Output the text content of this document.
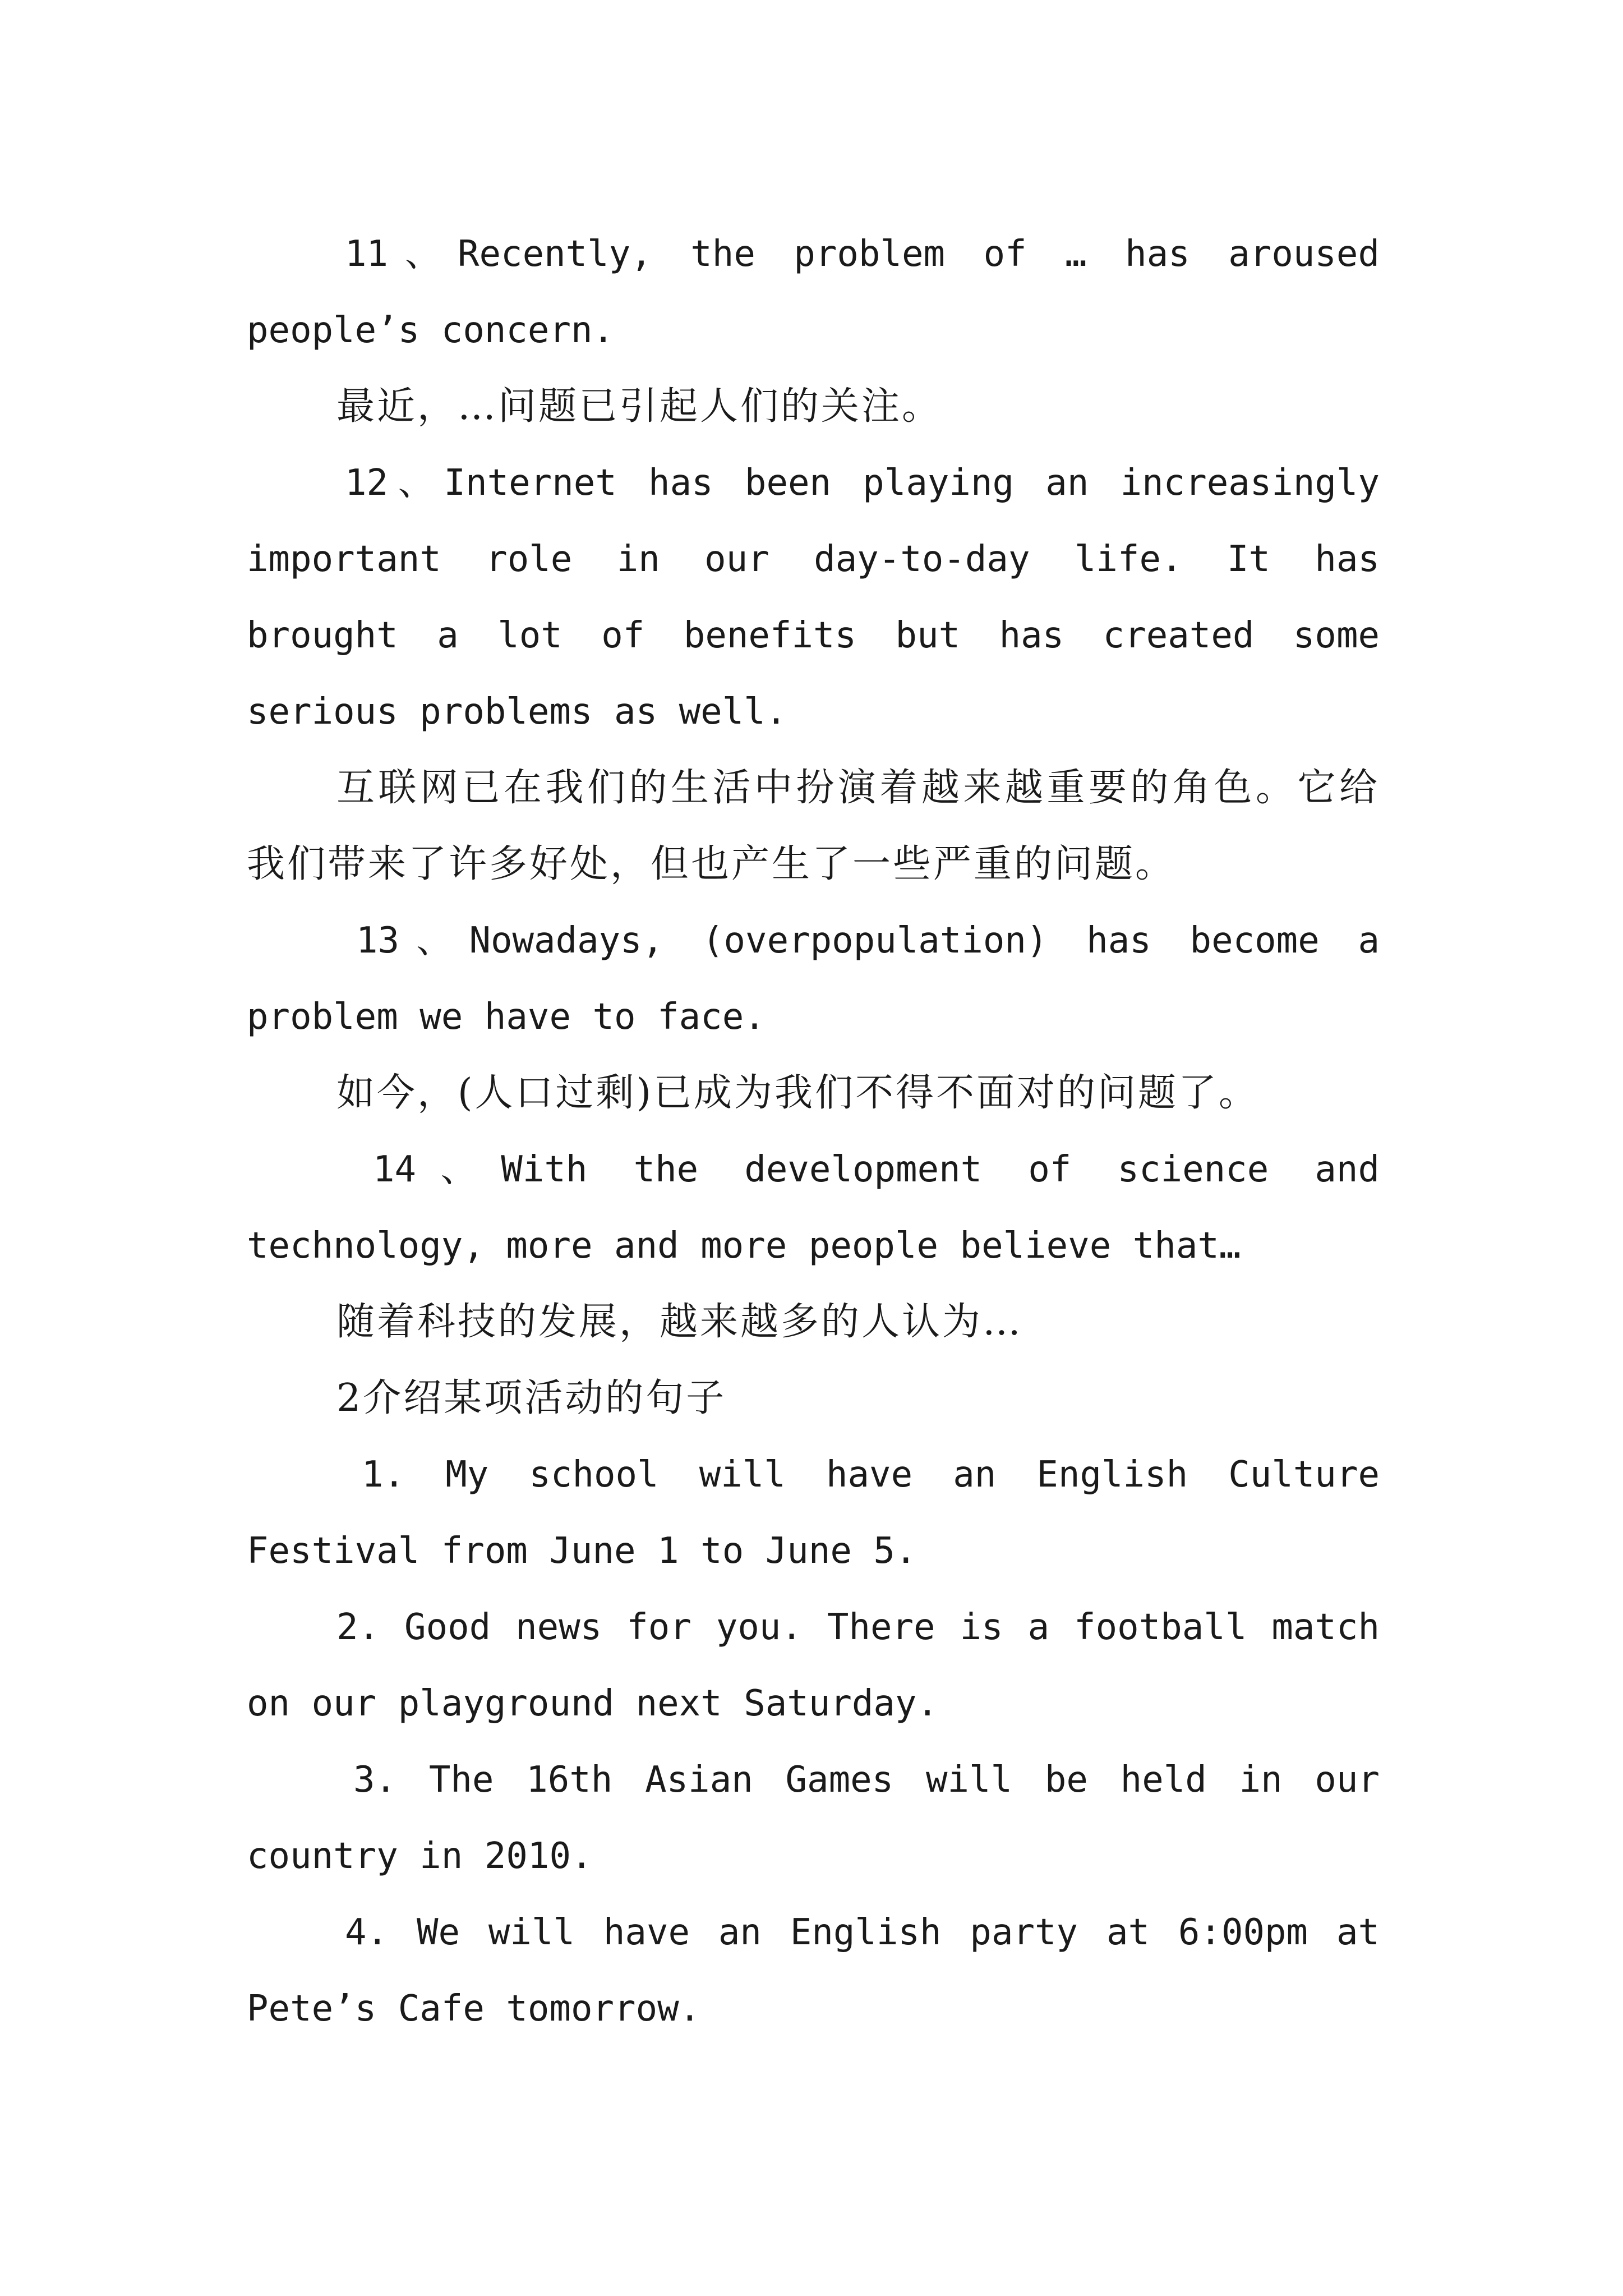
11、Recently, the problem of … has aroused people’s concern.

最近，…问题已引起人们的关注。

12、Internet has been playing an increasingly important role in our day-to-day life. It has brought a lot of benefits but has created some serious problems as well.

互联网已在我们的生活中扮演着越来越重要的角色。它给我们带来了许多好处，但也产生了一些严重的问题。

13、Nowadays, (overpopulation) has become a problem we have to face.

如今，(人口过剩)已成为我们不得不面对的问题了。

14、With the development of science and technology, more and more people believe that…

随着科技的发展，越来越多的人认为…

2介绍某项活动的句子

1. My school will have an English Culture Festival from June 1 to June 5.

2. Good news for you. There is a football match on our playground next Saturday.

3. The 16th Asian Games will be held in our country in 2010.

4. We will have an English party at 6:00pm at Pete’s Cafe tomorrow.
